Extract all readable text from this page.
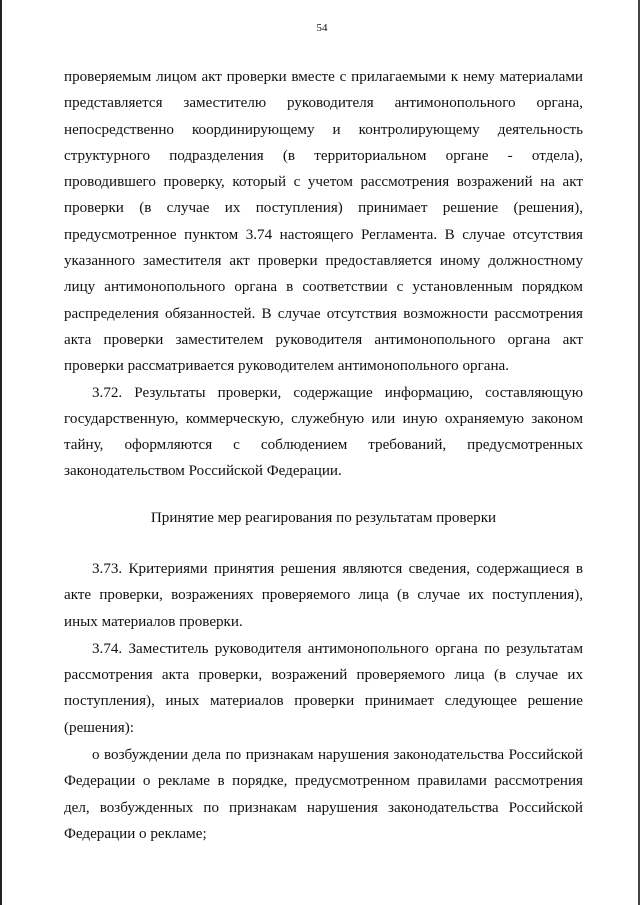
54

проверяемым лицом акт проверки вместе с прилагаемыми к нему материалами представляется заместителю руководителя антимонопольного органа, непосредственно координирующему и контролирующему деятельность структурного подразделения (в территориальном органе - отдела), проводившего проверку, который с учетом рассмотрения возражений на акт проверки (в случае их поступления) принимает решение (решения), предусмотренное пунктом 3.74 настоящего Регламента. В случае отсутствия указанного заместителя акт проверки предоставляется иному должностному лицу антимонопольного органа в соответствии с установленным порядком распределения обязанностей. В случае отсутствия возможности рассмотрения акта проверки заместителем руководителя антимонопольного органа акт проверки рассматривается руководителем антимонопольного органа.

3.72. Результаты проверки, содержащие информацию, составляющую государственную, коммерческую, служебную или иную охраняемую законом тайну, оформляются с соблюдением требований, предусмотренных законодательством Российской Федерации.

Принятие мер реагирования по результатам проверки

3.73. Критериями принятия решения являются сведения, содержащиеся в акте проверки, возражениях проверяемого лица (в случае их поступления), иных материалов проверки.

3.74. Заместитель руководителя антимонопольного органа по результатам рассмотрения акта проверки, возражений проверяемого лица (в случае их поступления), иных материалов проверки принимает следующее решение (решения):

о возбуждении дела по признакам нарушения законодательства Российской Федерации о рекламе в порядке, предусмотренном правилами рассмотрения дел, возбужденных по признакам нарушения законодательства Российской Федерации о рекламе;
